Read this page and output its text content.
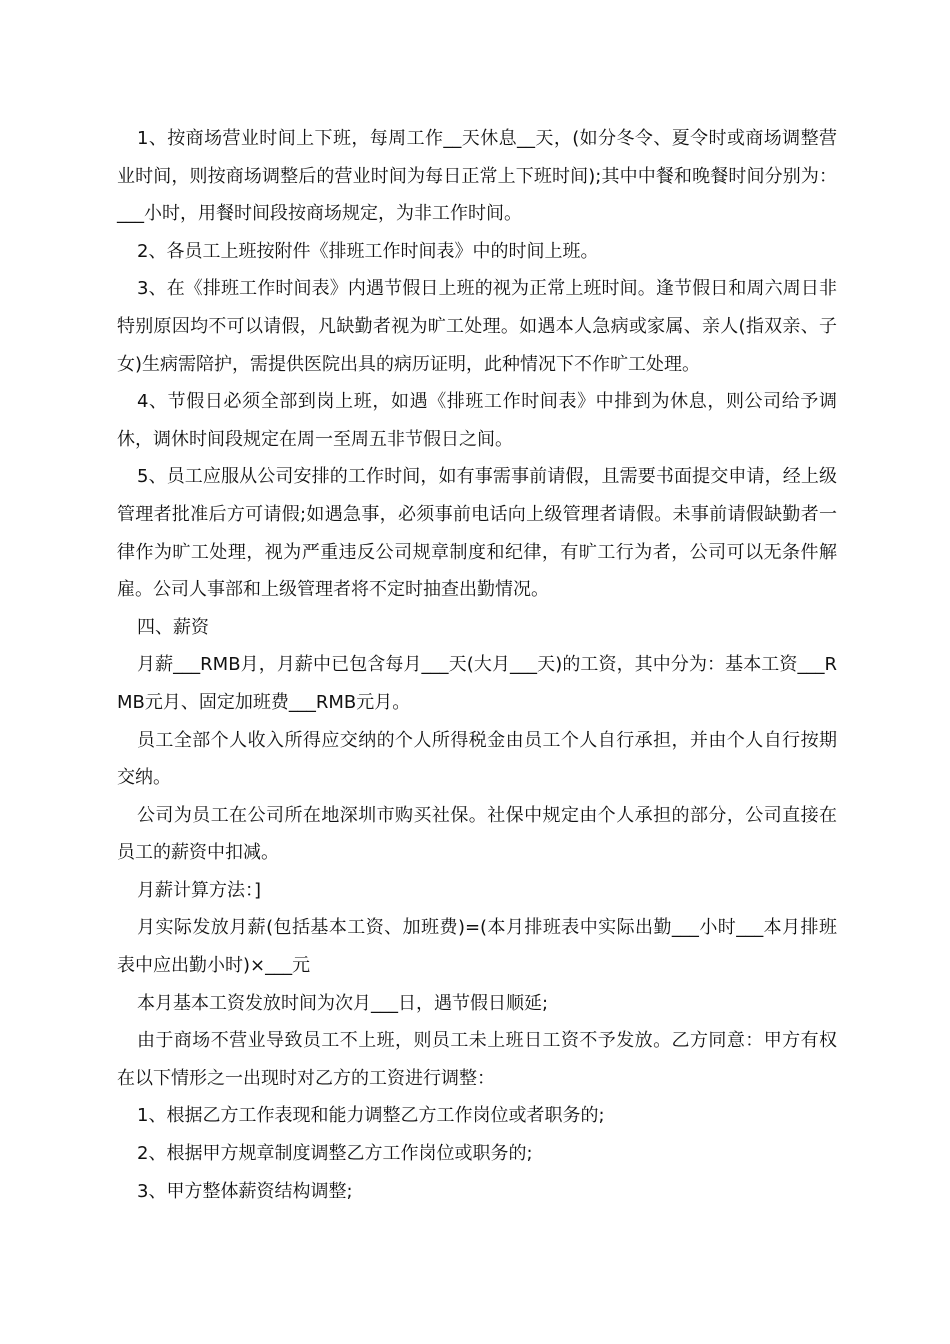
1、按商场营业时间上下班，每周工作__天休息__天，(如分冬令、夏令时或商场调整营业时间，则按商场调整后的营业时间为每日正常上下班时间);其中中餐和晚餐时间分别为：___小时，用餐时间段按商场规定，为非工作时间。

2、各员工上班按附件《排班工作时间表》中的时间上班。

3、在《排班工作时间表》内遇节假日上班的视为正常上班时间。逢节假日和周六周日非特别原因均不可以请假，凡缺勤者视为旷工处理。如遇本人急病或家属、亲人(指双亲、子女)生病需陪护，需提供医院出具的病历证明，此种情况下不作旷工处理。

4、节假日必须全部到岗上班，如遇《排班工作时间表》中排到为休息，则公司给予调休，调休时间段规定在周一至周五非节假日之间。

5、员工应服从公司安排的工作时间，如有事需事前请假，且需要书面提交申请，经上级管理者批准后方可请假;如遇急事，必须事前电话向上级管理者请假。未事前请假缺勤者一律作为旷工处理，视为严重违反公司规章制度和纪律，有旷工行为者，公司可以无条件解雇。公司人事部和上级管理者将不定时抽查出勤情况。

四、薪资

月薪___RMB月，月薪中已包含每月___天(大月___天)的工资，其中分为：基本工资___RMB元月、固定加班费___RMB元月。

员工全部个人收入所得应交纳的个人所得税金由员工个人自行承担，并由个人自行按期交纳。

公司为员工在公司所在地深圳市购买社保。社保中规定由个人承担的部分，公司直接在员工的薪资中扣减。

月薪计算方法：]

月实际发放月薪(包括基本工资、加班费)=(本月排班表中实际出勤___小时___本月排班表中应出勤小时)×___元

本月基本工资发放时间为次月___日，遇节假日顺延;

由于商场不营业导致员工不上班，则员工未上班日工资不予发放。乙方同意：甲方有权在以下情形之一出现时对乙方的工资进行调整：

1、根据乙方工作表现和能力调整乙方工作岗位或者职务的;

2、根据甲方规章制度调整乙方工作岗位或职务的;

3、甲方整体薪资结构调整;
